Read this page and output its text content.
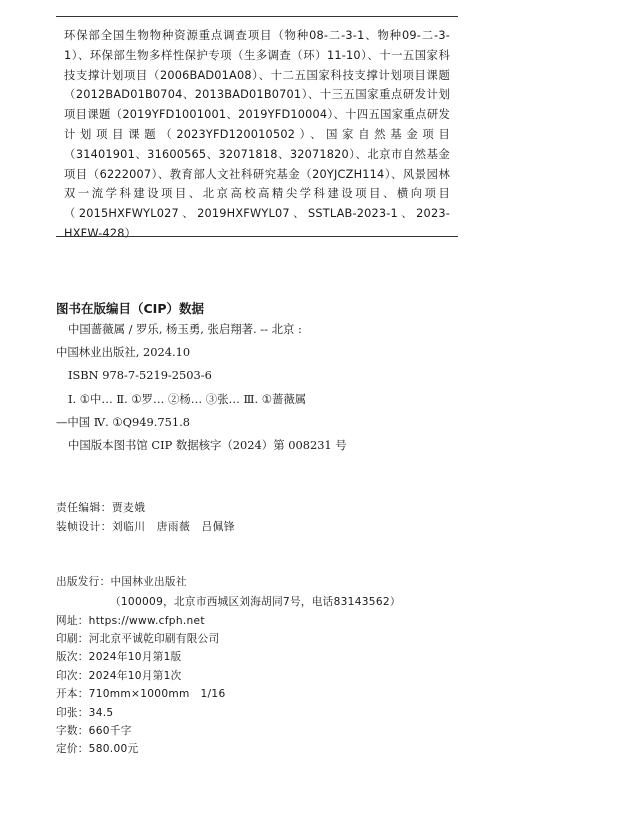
环保部全国生物物种资源重点调查项目（物种08-二-3-1、物种09-二-3-1）、环保部生物多样性保护专项（生多调查（环）11-10）、十一五国家科技支撑计划项目（2006BAD01A08）、十二五国家科技支撑计划项目课题（2012BAD01B0704、2013BAD01B0701）、十三五国家重点研发计划项目课题（2019YFD1001001、2019YFD10004）、十四五国家重点研发计划项目课题（2023YFD120010502）、国家自然基金项目（31401901、31600565、32071818、32071820）、北京市自然基金项目（6222007）、教育部人文社科研究基金（20YJCZH114）、风景园林双一流学科建设项目、北京高校高精尖学科建设项目、横向项目（2015HXFWYL027、2019HXFWYL07、SSTLAB-2023-1、2023-HXFW-428）
图书在版编目（CIP）数据
中国蔷薇属 / 罗乐, 杨玉勇, 张启翔著. -- 北京 :
中国林业出版社, 2024.10
ISBN 978-7-5219-2503-6
Ⅰ. ①中… Ⅱ. ①罗… ②杨… ③张… Ⅲ. ①蔷薇属
—中国 Ⅳ. ①Q949.751.8
中国版本图书馆 CIP 数据核字（2024）第 008231 号
责任编辑：贾麦娥
装帧设计：刘临川　唐雨薇　吕佩锋
出版发行：中国林业出版社
（100009，北京市西城区刘海胡同7号，电话83143562）
网址：https://www.cfph.net
印刷：河北京平诚乾印刷有限公司
版次：2024年10月第1版
印次：2024年10月第1次
开本：710mm×1000mm　1/16
印张：34.5
字数：660千字
定价：580.00元
